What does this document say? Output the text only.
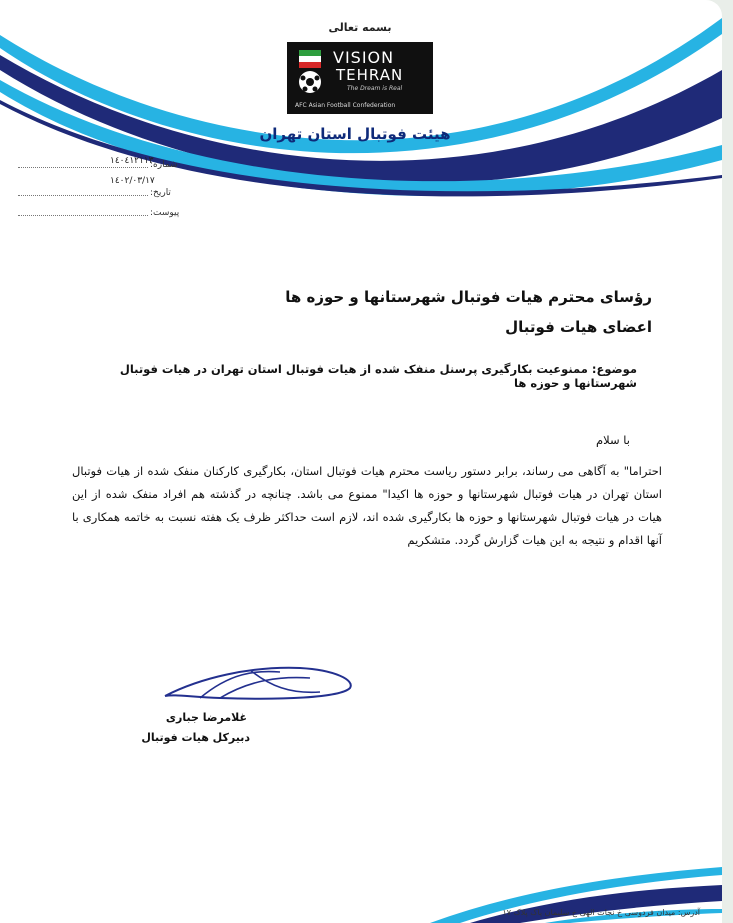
بسمه تعالی
VISION
TEHRAN
The Dream is Real
AFC Asian Football Confederation
هیئت فوتبال استان تهران
۱٤٠٤١٢١١٣
شماره:
۱٤٠٢/٠٣/١٧
تاریخ:
پیوست:
رؤسای محترم هیات فوتبال شهرستانها و حوزه ها
اعضای هیات فوتبال
موضوع: ممنوعیت بکارگیری پرسنل منفک شده از هیات فوتبال استان تهران در هیات فوتبال شهرستانها و حوزه ها
با سلام
احتراما" به آگاهی می رساند، برابر دستور ریاست محترم هیات فوتبال استان، بکارگیری کارکنان منفک شده از هیات فوتبال استان تهران در هیات فوتبال شهرستانها و حوزه ها اکیدا" ممنوع می باشد. چنانچه در گذشته هم افراد منفک شده از این هیات در هیات فوتبال شهرستانها و حوزه ها بکارگیری شده اند، لازم است حداکثر ظرف یک هفته نسبت به خاتمه همکاری با آنها اقدام و نتیجه به این هیات گزارش گردد. متشکریم
غلامرضا جباری
دبیرکل هیات فوتبال
آدرس: میدان فردوسی خ نجات الهی خ سلیمان پاک پلاک ۱۷
